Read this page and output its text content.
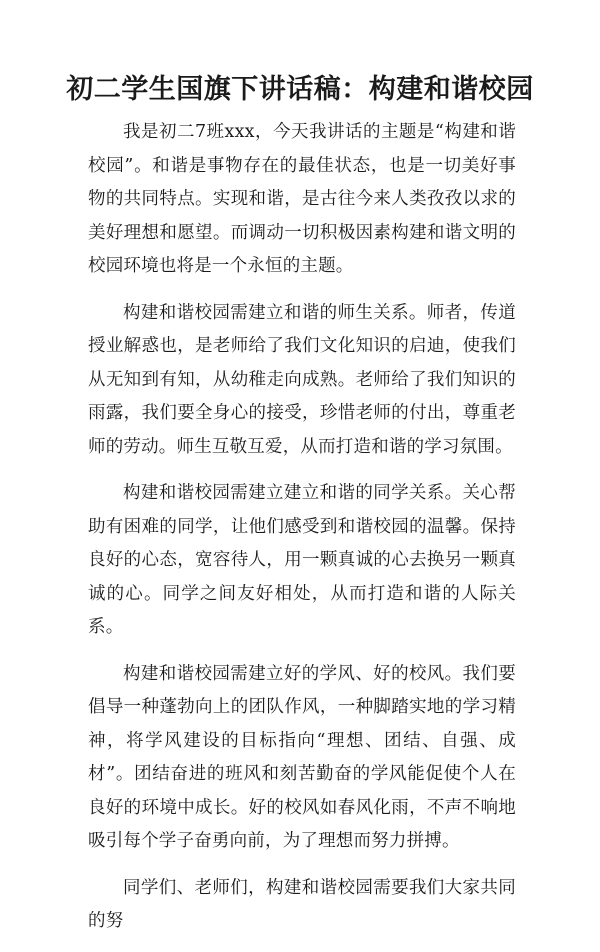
初二学生国旗下讲话稿：构建和谐校园

我是初二7班xxx，今天我讲话的主题是“构建和谐校园”。和谐是事物存在的最佳状态，也是一切美好事物的共同特点。实现和谐，是古往今来人类孜孜以求的美好理想和愿望。而调动一切积极因素构建和谐文明的校园环境也将是一个永恒的主题。

构建和谐校园需建立和谐的师生关系。师者，传道授业解惑也，是老师给了我们文化知识的启迪，使我们从无知到有知，从幼稚走向成熟。老师给了我们知识的雨露，我们要全身心的接受，珍惜老师的付出，尊重老师的劳动。师生互敬互爱，从而打造和谐的学习氛围。

构建和谐校园需建立建立和谐的同学关系。关心帮助有困难的同学，让他们感受到和谐校园的温馨。保持良好的心态，宽容待人，用一颗真诚的心去换另一颗真诚的心。同学之间友好相处，从而打造和谐的人际关系。

构建和谐校园需建立好的学风、好的校风。我们要倡导一种蓬勃向上的团队作风，一种脚踏实地的学习精神，将学风建设的目标指向“理想、团结、自强、成材”。团结奋进的班风和刻苦勤奋的学风能促使个人在良好的环境中成长。好的校风如春风化雨，不声不响地吸引每个学子奋勇向前，为了理想而努力拼搏。

同学们、老师们，构建和谐校园需要我们大家共同的努
